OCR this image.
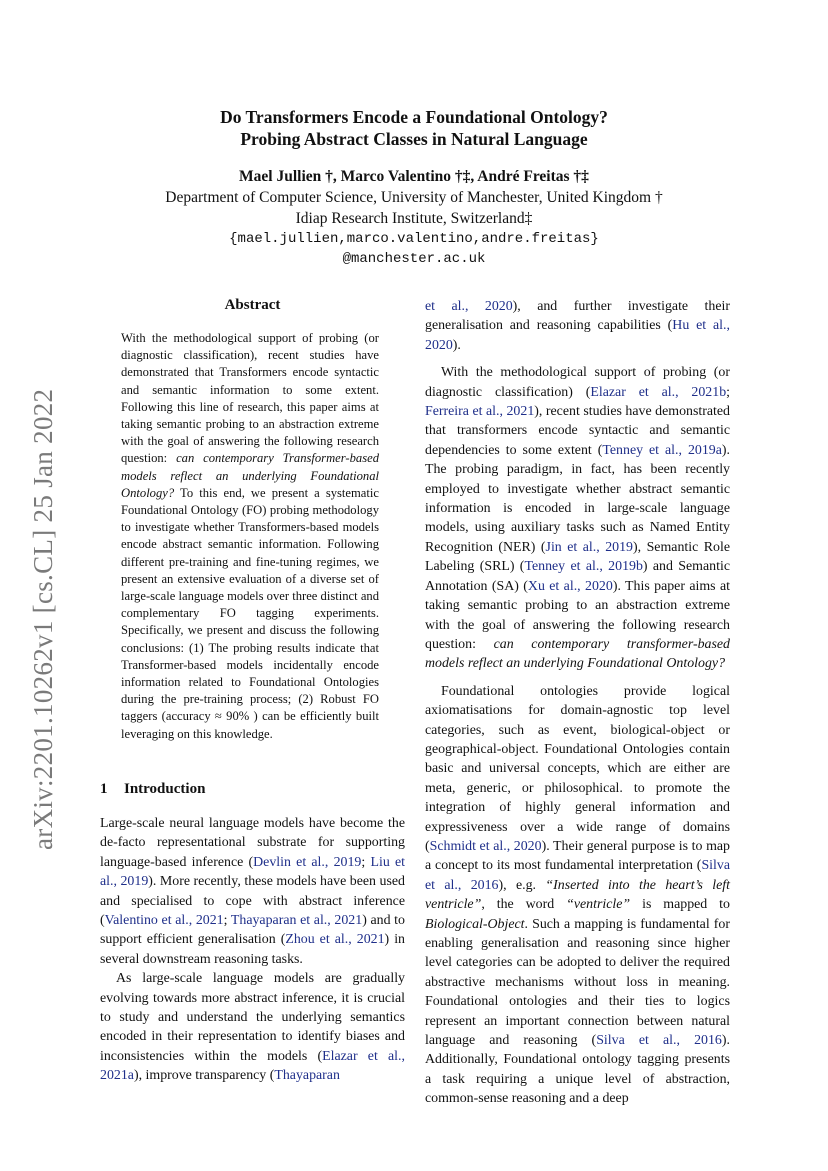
arXiv:2201.10262v1 [cs.CL] 25 Jan 2022
Do Transformers Encode a Foundational Ontology?
Probing Abstract Classes in Natural Language
Mael Jullien †, Marco Valentino †‡, André Freitas †‡
Department of Computer Science, University of Manchester, United Kingdom †
Idiap Research Institute, Switzerland‡
{mael.jullien,marco.valentino,andre.freitas}
@manchester.ac.uk
Abstract
With the methodological support of probing (or diagnostic classification), recent studies have demonstrated that Transformers encode syntactic and semantic information to some extent. Following this line of research, this paper aims at taking semantic probing to an abstraction extreme with the goal of answering the following research question: can contemporary Transformer-based models reflect an underlying Foundational Ontology? To this end, we present a systematic Foundational Ontology (FO) probing methodology to investigate whether Transformers-based models encode abstract semantic information. Following different pre-training and fine-tuning regimes, we present an extensive evaluation of a diverse set of large-scale language models over three distinct and complementary FO tagging experiments. Specifically, we present and discuss the following conclusions: (1) The probing results indicate that Transformer-based models incidentally encode information related to Foundational Ontologies during the pre-training process; (2) Robust FO taggers (accuracy ≈ 90% ) can be efficiently built leveraging on this knowledge.
1 Introduction

Large-scale neural language models have become the de-facto representational substrate for supporting language-based inference (Devlin et al., 2019; Liu et al., 2019). More recently, these models have been used and specialised to cope with abstract inference (Valentino et al., 2021; Thayaparan et al., 2021) and to support efficient generalisation (Zhou et al., 2021) in several downstream reasoning tasks.

As large-scale language models are gradually evolving towards more abstract inference, it is crucial to study and understand the underlying semantics encoded in their representation to identify biases and inconsistencies within the models (Elazar et al., 2021a), improve transparency (Thayaparan

et al., 2020), and further investigate their generalisation and reasoning capabilities (Hu et al., 2020).

With the methodological support of probing (or diagnostic classification) (Elazar et al., 2021b; Ferreira et al., 2021), recent studies have demonstrated that transformers encode syntactic and semantic dependencies to some extent (Tenney et al., 2019a). The probing paradigm, in fact, has been recently employed to investigate whether abstract semantic information is encoded in large-scale language models, using auxiliary tasks such as Named Entity Recognition (NER) (Jin et al., 2019), Semantic Role Labeling (SRL) (Tenney et al., 2019b) and Semantic Annotation (SA) (Xu et al., 2020). This paper aims at taking semantic probing to an abstraction extreme with the goal of answering the following research question: can contemporary transformer-based models reflect an underlying Foundational Ontology?

Foundational ontologies provide logical axiomatisations for domain-agnostic top level categories, such as event, biological-object or geographical-object. Foundational Ontologies contain basic and universal concepts, which are either are meta, generic, or philosophical. to promote the integration of highly general information and expressiveness over a wide range of domains (Schmidt et al., 2020). Their general purpose is to map a concept to its most fundamental interpretation (Silva et al., 2016), e.g. “Inserted into the heart’s left ventricle”, the word “ventricle” is mapped to Biological-Object. Such a mapping is fundamental for enabling generalisation and reasoning since higher level categories can be adopted to deliver the required abstractive mechanisms without loss in meaning. Foundational ontologies and their ties to logics represent an important connection between natural language and reasoning (Silva et al., 2016). Additionally, Foundational ontology tagging presents a task requiring a unique level of abstraction, common-sense reasoning and a deep
